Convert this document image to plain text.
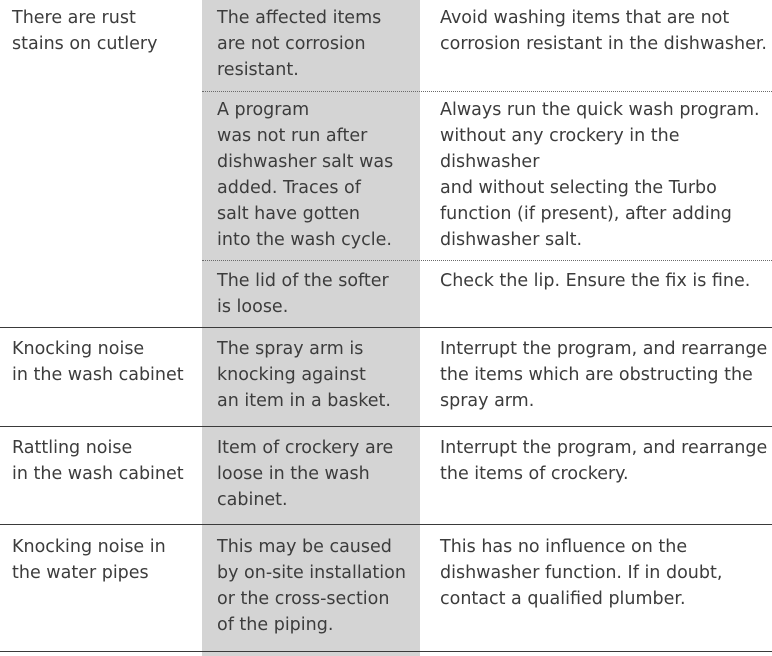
There are rust
stains on cutlery
The affected items
are not corrosion
resistant.
Avoid washing items that are not
corrosion resistant in the dishwasher.
A program
was not run after
dishwasher salt was
added. Traces of
salt have gotten
into the wash cycle.
Always run the quick wash program.
without any crockery in the dishwasher
and without selecting the Turbo
function (if present), after adding
dishwasher salt.
The lid of the softer
is loose.
Check the lip. Ensure the fix is fine.
Knocking noise
in the wash cabinet
The spray arm is
knocking against
an item in a basket.
Interrupt the program, and rearrange
the items which are obstructing the
spray arm.
Rattling noise
in the wash cabinet
Item of crockery are
loose in the wash
cabinet.
Interrupt the program, and rearrange
the items of crockery.
Knocking noise in
the water pipes
This may be caused
by on-site installation
or the cross-section
of the piping.
This has no influence on the
dishwasher function. If in doubt,
contact a qualified plumber.
